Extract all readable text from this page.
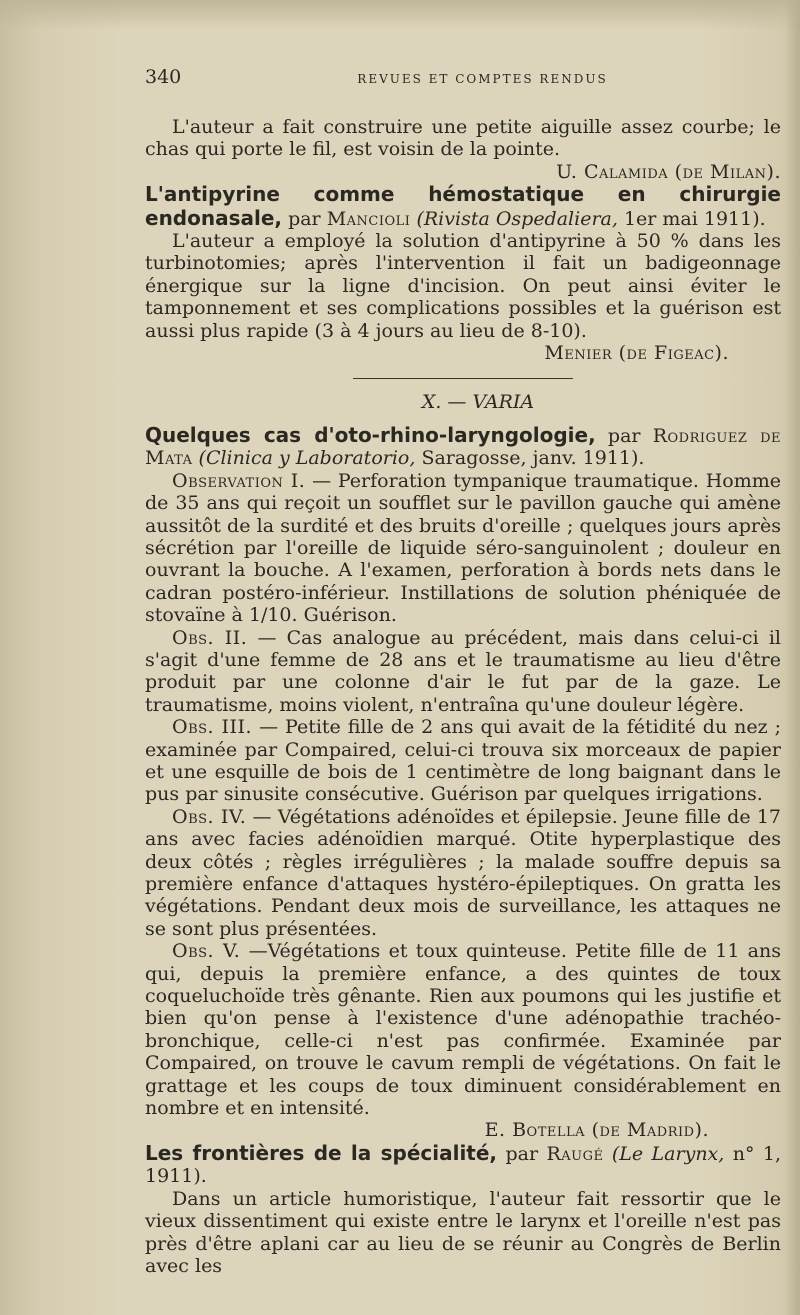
340	REVUES ET COMPTES RENDUS

L'auteur a fait construire une petite aiguille assez courbe; le chas qui porte le fil, est voisin de la pointe.
U. Calamida (de Milan).

L'antipyrine comme hémostatique en chirurgie endonasale, par Mancioli (Rivista Ospedaliera, 1er mai 1911).

L'auteur a employé la solution d'antipyrine à 50 % dans les turbinotomies; après l'intervention il fait un badigeonnage énergique sur la ligne d'incision. On peut ainsi éviter le tamponnement et ses complications possibles et la guérison est aussi plus rapide (3 à 4 jours au lieu de 8-10).

Menier (de Figeac).

X. — VARIA

Quelques cas d'oto-rhino-laryngologie, par Rodriguez de Mata (Clinica y Laboratorio, Saragosse, janv. 1911).

Observation I. — Perforation tympanique traumatique. Homme de 35 ans qui reçoit un soufflet sur le pavillon gauche qui amène aussitôt de la surdité et des bruits d'oreille ; quelques jours après sécrétion par l'oreille de liquide séro-sanguinolent ; douleur en ouvrant la bouche. A l'examen, perforation à bords nets dans le cadran postéro-inférieur. Instillations de solution phéniquée de stovaïne à 1/10. Guérison.

Obs. II. — Cas analogue au précédent, mais dans celui-ci il s'agit d'une femme de 28 ans et le traumatisme au lieu d'être produit par une colonne d'air le fut par de la gaze. Le traumatisme, moins violent, n'entraîna qu'une douleur légère.

Obs. III. — Petite fille de 2 ans qui avait de la fétidité du nez ; examinée par Compaired, celui-ci trouva six morceaux de papier et une esquille de bois de 1 centimètre de long baignant dans le pus par sinusite consécutive. Guérison par quelques irrigations.

Obs. IV. — Végétations adénoïdes et épilepsie. Jeune fille de 17 ans avec facies adénoïdien marqué. Otite hyperplastique des deux côtés ; règles irrégulières ; la malade souffre depuis sa première enfance d'attaques hystéro-épileptiques. On gratta les végétations. Pendant deux mois de surveillance, les attaques ne se sont plus présentées.

Obs. V. —Végétations et toux quinteuse. Petite fille de 11 ans qui, depuis la première enfance, a des quintes de toux coqueluchoïde très gênante. Rien aux poumons qui les justifie et bien qu'on pense à l'existence d'une adénopathie trachéo-bronchique, celle-ci n'est pas confirmée. Examinée par Compaired, on trouve le cavum rempli de végétations. On fait le grattage et les coups de toux diminuent considérablement en nombre et en intensité.

E. Botella (de Madrid).

Les frontières de la spécialité, par Raugé (Le Larynx, n° 1, 1911).

Dans un article humoristique, l'auteur fait ressortir que le vieux dissentiment qui existe entre le larynx et l'oreille n'est pas près d'être aplani car au lieu de se réunir au Congrès de Berlin avec les
